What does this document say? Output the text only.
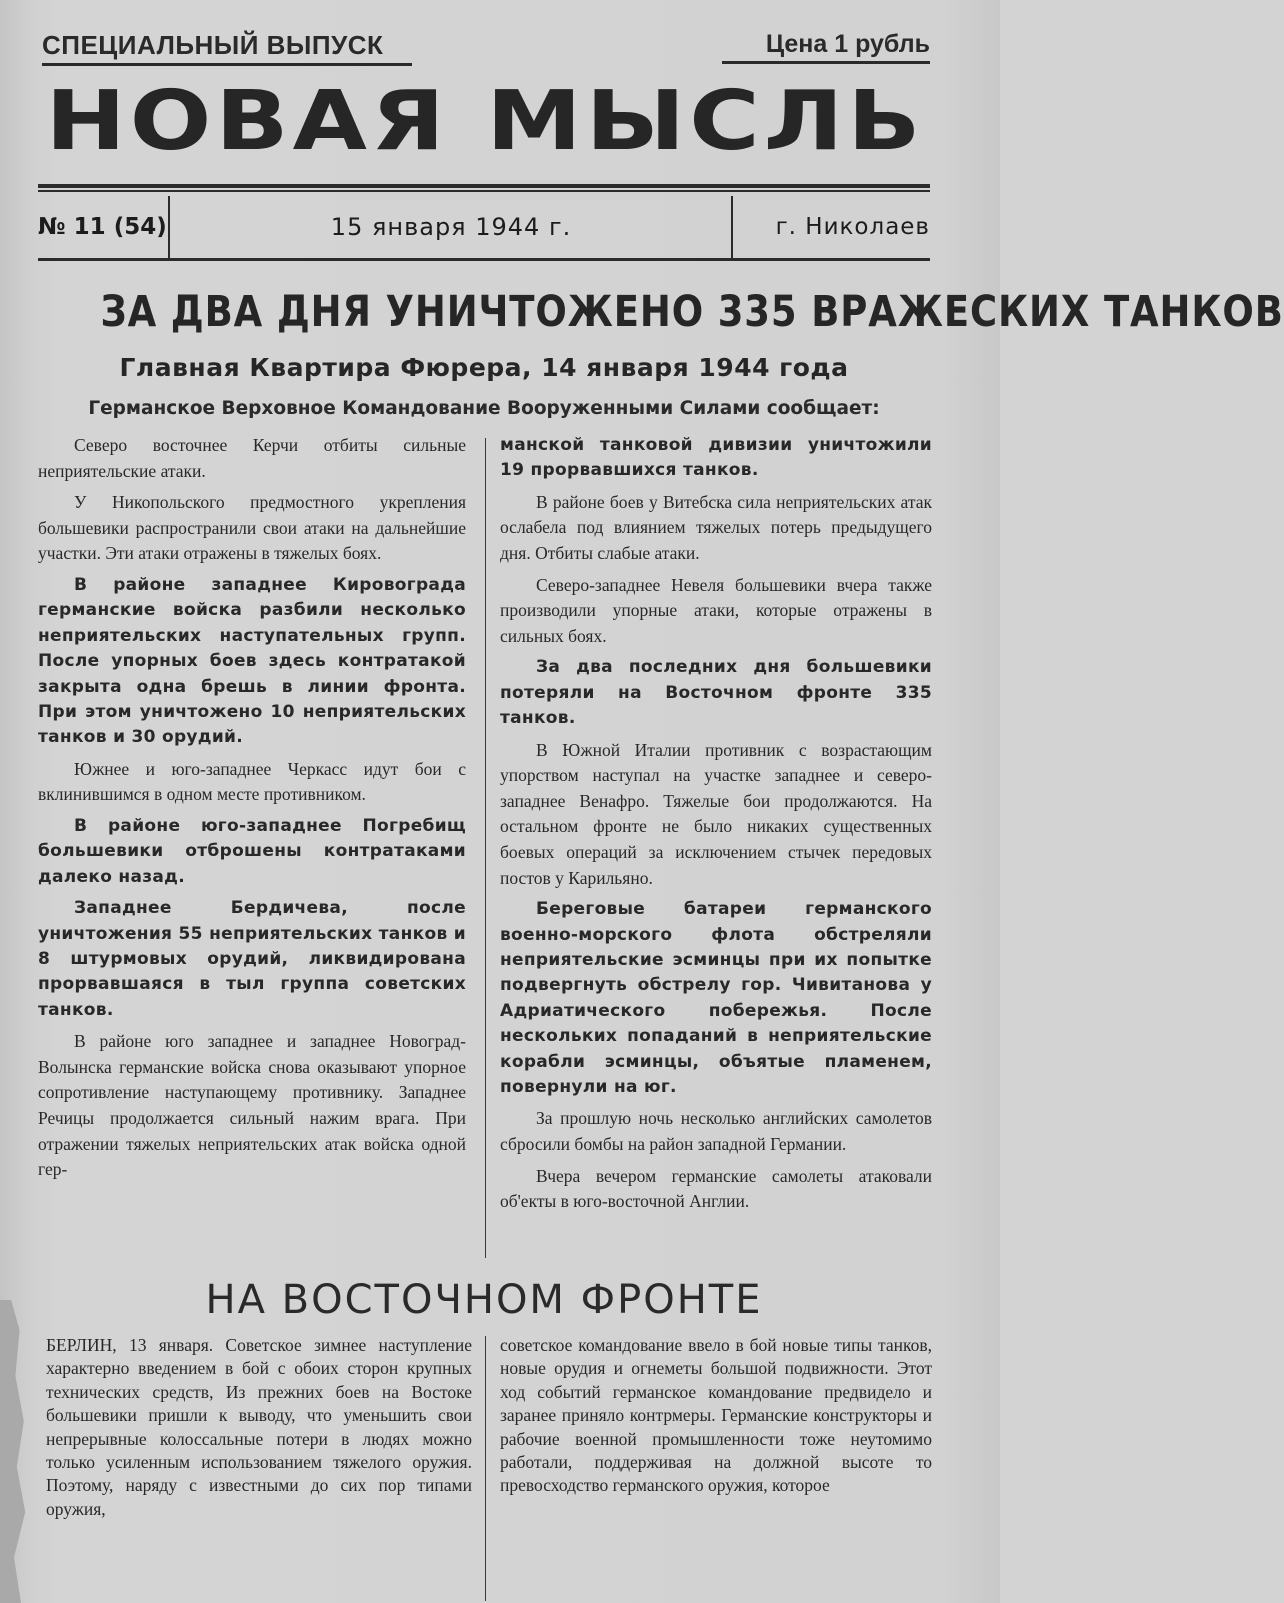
СПЕЦИАЛЬНЫЙ ВЫПУСК	Цена 1 рубль
НОВАЯ МЫСЛЬ
№ 11 (54)	15 января 1944 г.	г. Николаев
ЗА ДВА ДНЯ УНИЧТОЖЕНО 335 ВРАЖЕСКИХ ТАНКОВ
Главная Квартира Фюрера, 14 января 1944 года
Германское Верховное Командование Вооруженными Силами сообщает:

Северо восточнее Керчи отбиты сильные неприятельские атаки.

У Никопольского предмостного укрепления большевики распространили свои атаки на дальнейшие участки. Эти атаки отражены в тяжелых боях.

В районе западнее Кировограда германские войска разбили несколько неприятельских наступательных групп. После упорных боев здесь контратакой закрыта одна брешь в линии фронта. При этом уничтожено 10 неприятельских танков и 30 орудий.

Южнее и юго-западнее Черкасс идут бои с вклинившимся в одном месте противником.

В районе юго-западнее Погребищ большевики отброшены контратаками далеко назад.

Западнее Бердичева, после уничтожения 55 неприятельских танков и 8 штурмовых орудий, ликвидирована прорвавшаяся в тыл группа советских танков.

В районе юго западнее и западнее Новоград-Волынска германские войска снова оказывают упорное сопротивление наступающему противнику. Западнее Речицы продолжается сильный нажим врага. При отражении тяжелых неприятельских атак войска одной гер-

манской танковой дивизии уничтожили 19 прорвавшихся танков.

В районе боев у Витебска сила неприятельских атак ослабела под влиянием тяжелых потерь предыдущего дня. Отбиты слабые атаки.

Северо-западнее Невеля большевики вчера также производили упорные атаки, которые отражены в сильных боях.

За два последних дня большевики потеряли на Восточном фронте 335 танков.

В Южной Италии противник с возрастающим упорством наступал на участке западнее и северо-западнее Венафро. Тяжелые бои продолжаются. На остальном фронте не было никаких существенных боевых операций за исключением стычек передовых постов у Карильяно.

Береговые батареи германского военно-морского флота обстреляли неприятельские эсминцы при их попытке подвергнуть обстрелу гор. Чивитанова у Адриатического побережья. После нескольких попаданий в неприятельские корабли эсминцы, объятые пламенем, повернули на юг.

За прошлую ночь несколько английских самолетов сбросили бомбы на район западной Германии.

Вчера вечером германские самолеты атаковали об'екты в юго-восточной Англии.

НА ВОСТОЧНОМ ФРОНТЕ

БЕРЛИН, 13 января. Советское зимнее наступление характерно введением в бой с обоих сторон крупных технических средств, Из прежних боев на Востоке большевики пришли к выводу, что уменьшить свои непрерывные колоссальные потери в людях можно только усиленным использованием тяжелого оружия. Поэтому, наряду с известными до сих пор типами оружия,

советское командование ввело в бой новые типы танков, новые орудия и огнеметы большой подвижности. Этот ход событий германское командование предвидело и заранее приняло контрмеры. Германские конструкторы и рабочие военной промышленности тоже неутомимо работали, поддерживая на должной высоте то превосходство германского оружия, которое
